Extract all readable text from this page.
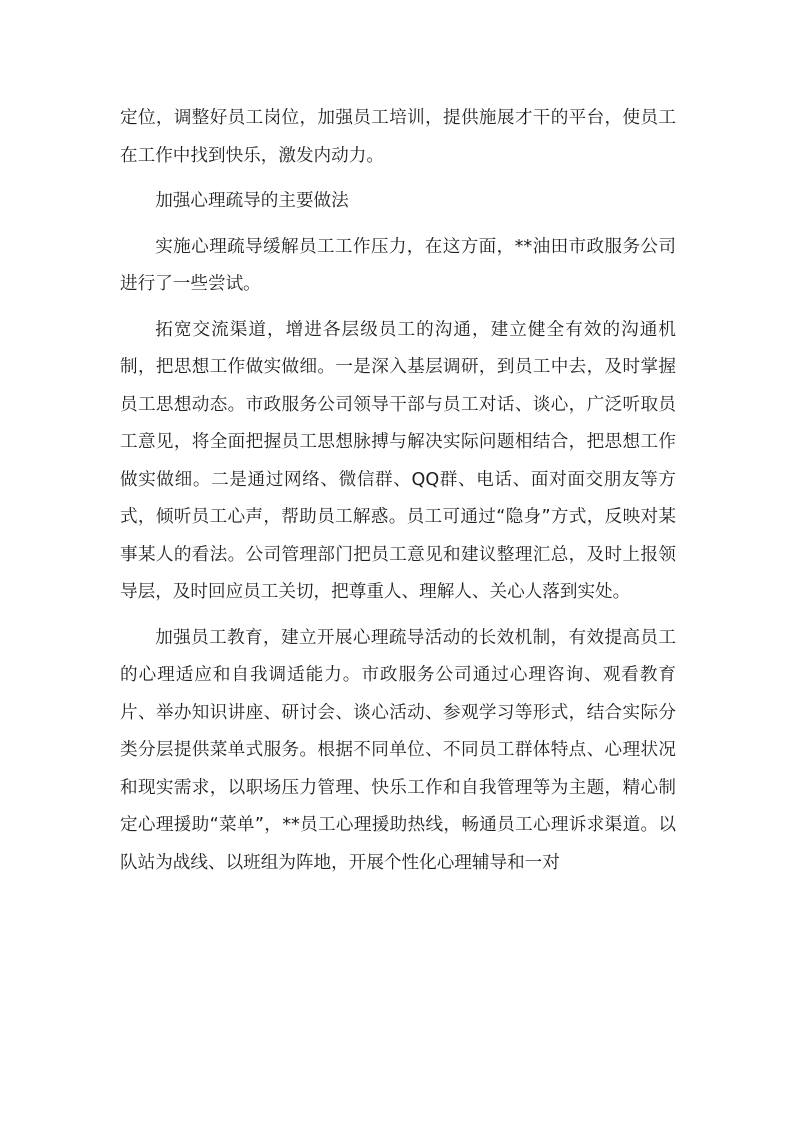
定位，调整好员工岗位，加强员工培训，提供施展才干的平台，使员工在工作中找到快乐，激发内动力。

加强心理疏导的主要做法

实施心理疏导缓解员工工作压力，在这方面，**油田市政服务公司进行了一些尝试。

拓宽交流渠道，增进各层级员工的沟通，建立健全有效的沟通机制，把思想工作做实做细。一是深入基层调研，到员工中去，及时掌握员工思想动态。市政服务公司领导干部与员工对话、谈心，广泛听取员工意见，将全面把握员工思想脉搏与解决实际问题相结合，把思想工作做实做细。二是通过网络、微信群、QQ群、电话、面对面交朋友等方式，倾听员工心声，帮助员工解惑。员工可通过“隐身”方式，反映对某事某人的看法。公司管理部门把员工意见和建议整理汇总，及时上报领导层，及时回应员工关切，把尊重人、理解人、关心人落到实处。

加强员工教育，建立开展心理疏导活动的长效机制，有效提高员工的心理适应和自我调适能力。市政服务公司通过心理咨询、观看教育片、举办知识讲座、研讨会、谈心活动、参观学习等形式，结合实际分类分层提供菜单式服务。根据不同单位、不同员工群体特点、心理状况和现实需求，以职场压力管理、快乐工作和自我管理等为主题，精心制定心理援助“菜单”，**员工心理援助热线，畅通员工心理诉求渠道。以队站为战线、以班组为阵地，开展个性化心理辅导和一对
